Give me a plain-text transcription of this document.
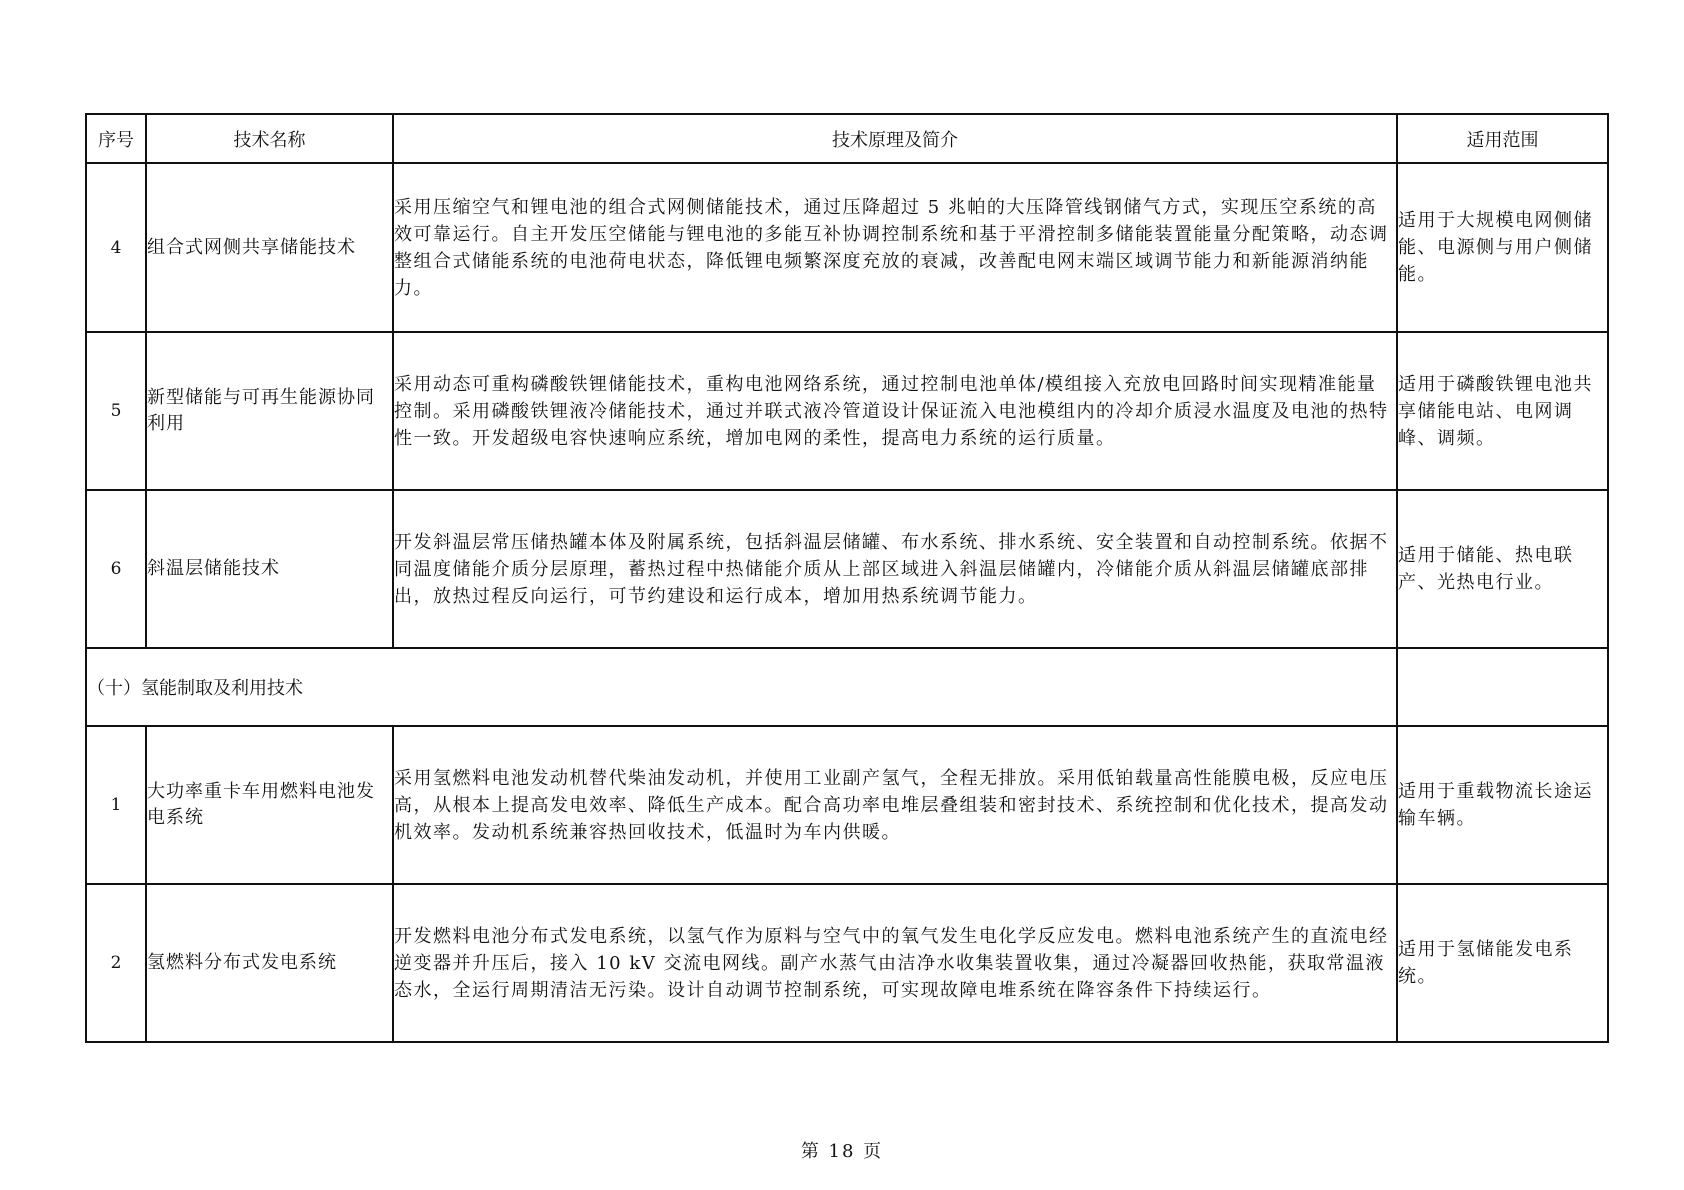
序号	技术名称	技术原理及简介	适用范围
4	组合式网侧共享储能技术	采用压缩空气和锂电池的组合式网侧储能技术，通过压降超过 5 兆帕的大压降管线钢储气方式，实现压空系统的高效可靠运行。自主开发压空储能与锂电池的多能互补协调控制系统和基于平滑控制多储能装置能量分配策略，动态调整组合式储能系统的电池荷电状态，降低锂电频繁深度充放的衰减，改善配电网末端区域调节能力和新能源消纳能力。	适用于大规模电网侧储能、电源侧与用户侧储能。
5	新型储能与可再生能源协同利用	采用动态可重构磷酸铁锂储能技术，重构电池网络系统，通过控制电池单体/模组接入充放电回路时间实现精准能量控制。采用磷酸铁锂液冷储能技术，通过并联式液冷管道设计保证流入电池模组内的冷却介质浸水温度及电池的热特性一致。开发超级电容快速响应系统，增加电网的柔性，提高电力系统的运行质量。	适用于磷酸铁锂电池共享储能电站、电网调峰、调频。
6	斜温层储能技术	开发斜温层常压储热罐本体及附属系统，包括斜温层储罐、布水系统、排水系统、安全装置和自动控制系统。依据不同温度储能介质分层原理，蓄热过程中热储能介质从上部区域进入斜温层储罐内，冷储能介质从斜温层储罐底部排出，放热过程反向运行，可节约建设和运行成本，增加用热系统调节能力。	适用于储能、热电联产、光热电行业。
（十）氢能制取及利用技术			
1	大功率重卡车用燃料电池发电系统	采用氢燃料电池发动机替代柴油发动机，并使用工业副产氢气，全程无排放。采用低铂载量高性能膜电极，反应电压高，从根本上提高发电效率、降低生产成本。配合高功率电堆层叠组装和密封技术、系统控制和优化技术，提高发动机效率。发动机系统兼容热回收技术，低温时为车内供暖。	适用于重载物流长途运输车辆。
2	氢燃料分布式发电系统	开发燃料电池分布式发电系统，以氢气作为原料与空气中的氧气发生电化学反应发电。燃料电池系统产生的直流电经逆变器并升压后，接入 10 kV 交流电网线。副产水蒸气由洁净水收集装置收集，通过冷凝器回收热能，获取常温液态水，全运行周期清洁无污染。设计自动调节控制系统，可实现故障电堆系统在降容条件下持续运行。	适用于氢储能发电系统。
第 18 页
